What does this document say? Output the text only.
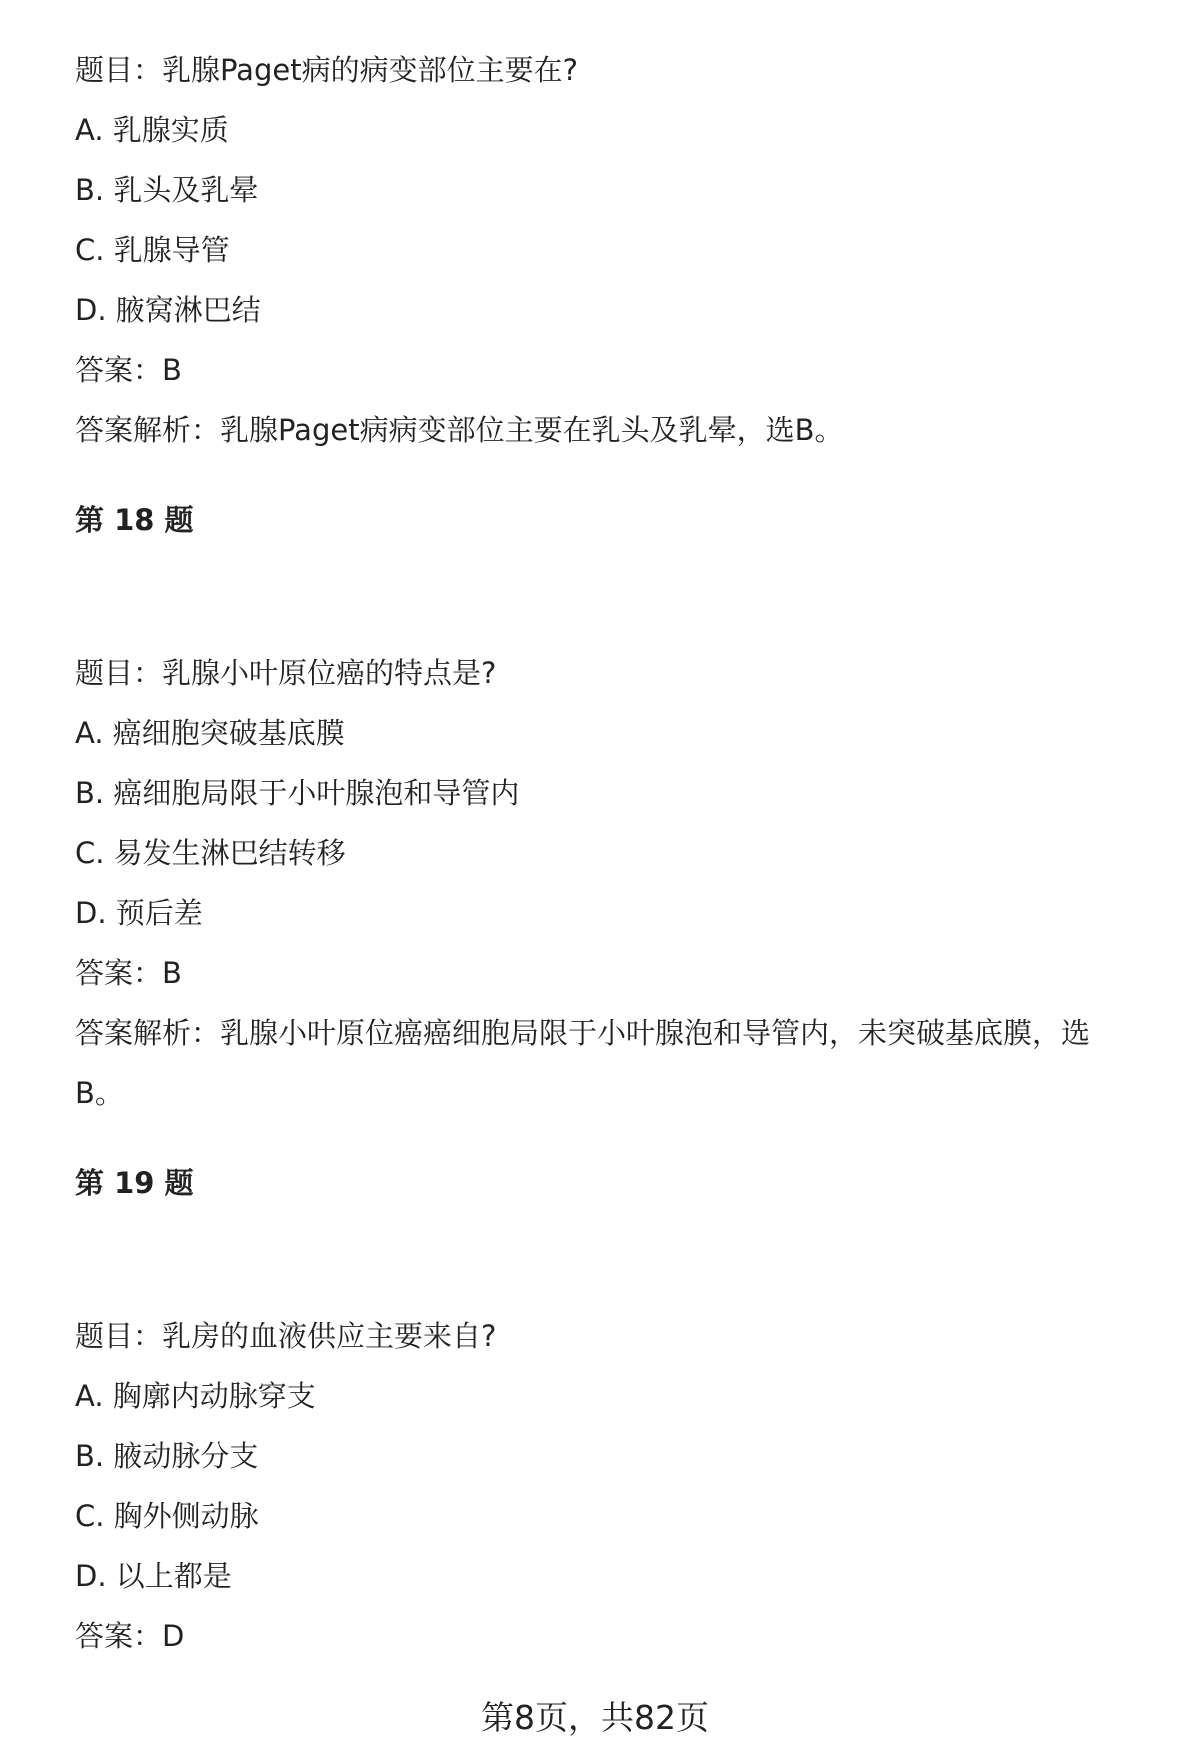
题目：乳腺Paget病的病变部位主要在?
A. 乳腺实质
B. 乳头及乳晕
C. 乳腺导管
D. 腋窝淋巴结
答案：B
答案解析：乳腺Paget病病变部位主要在乳头及乳晕，选B。
第 18 题
题目：乳腺小叶原位癌的特点是?
A. 癌细胞突破基底膜
B. 癌细胞局限于小叶腺泡和导管内
C. 易发生淋巴结转移
D. 预后差
答案：B
答案解析：乳腺小叶原位癌癌细胞局限于小叶腺泡和导管内，未突破基底膜，选
B。
第 19 题
题目：乳房的血液供应主要来自?
A. 胸廓内动脉穿支
B. 腋动脉分支
C. 胸外侧动脉
D. 以上都是
答案：D
第8页，共82页
